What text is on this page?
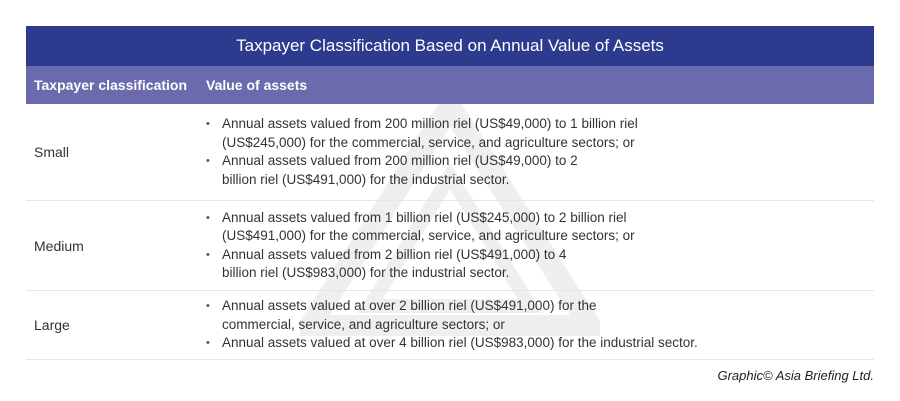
Taxpayer Classification Based on Annual Value of Assets
Taxpayer classification	Value of assets
Small
• Annual assets valued from 200 million riel (US$49,000) to 1 billion riel
(US$245,000) for the commercial, service, and agriculture sectors; or
• Annual assets valued from 200 million riel (US$49,000) to 2
billion riel (US$491,000) for the industrial sector.
Medium
• Annual assets valued from 1 billion riel (US$245,000) to 2 billion riel
(US$491,000) for the commercial, service, and agriculture sectors; or
• Annual assets valued from 2 billion riel (US$491,000) to 4
billion riel (US$983,000) for the industrial sector.
Large
• Annual assets valued at over 2 billion riel (US$491,000) for the
commercial, service, and agriculture sectors; or
• Annual assets valued at over 4 billion riel (US$983,000) for the industrial sector.
Graphic© Asia Briefing Ltd.
